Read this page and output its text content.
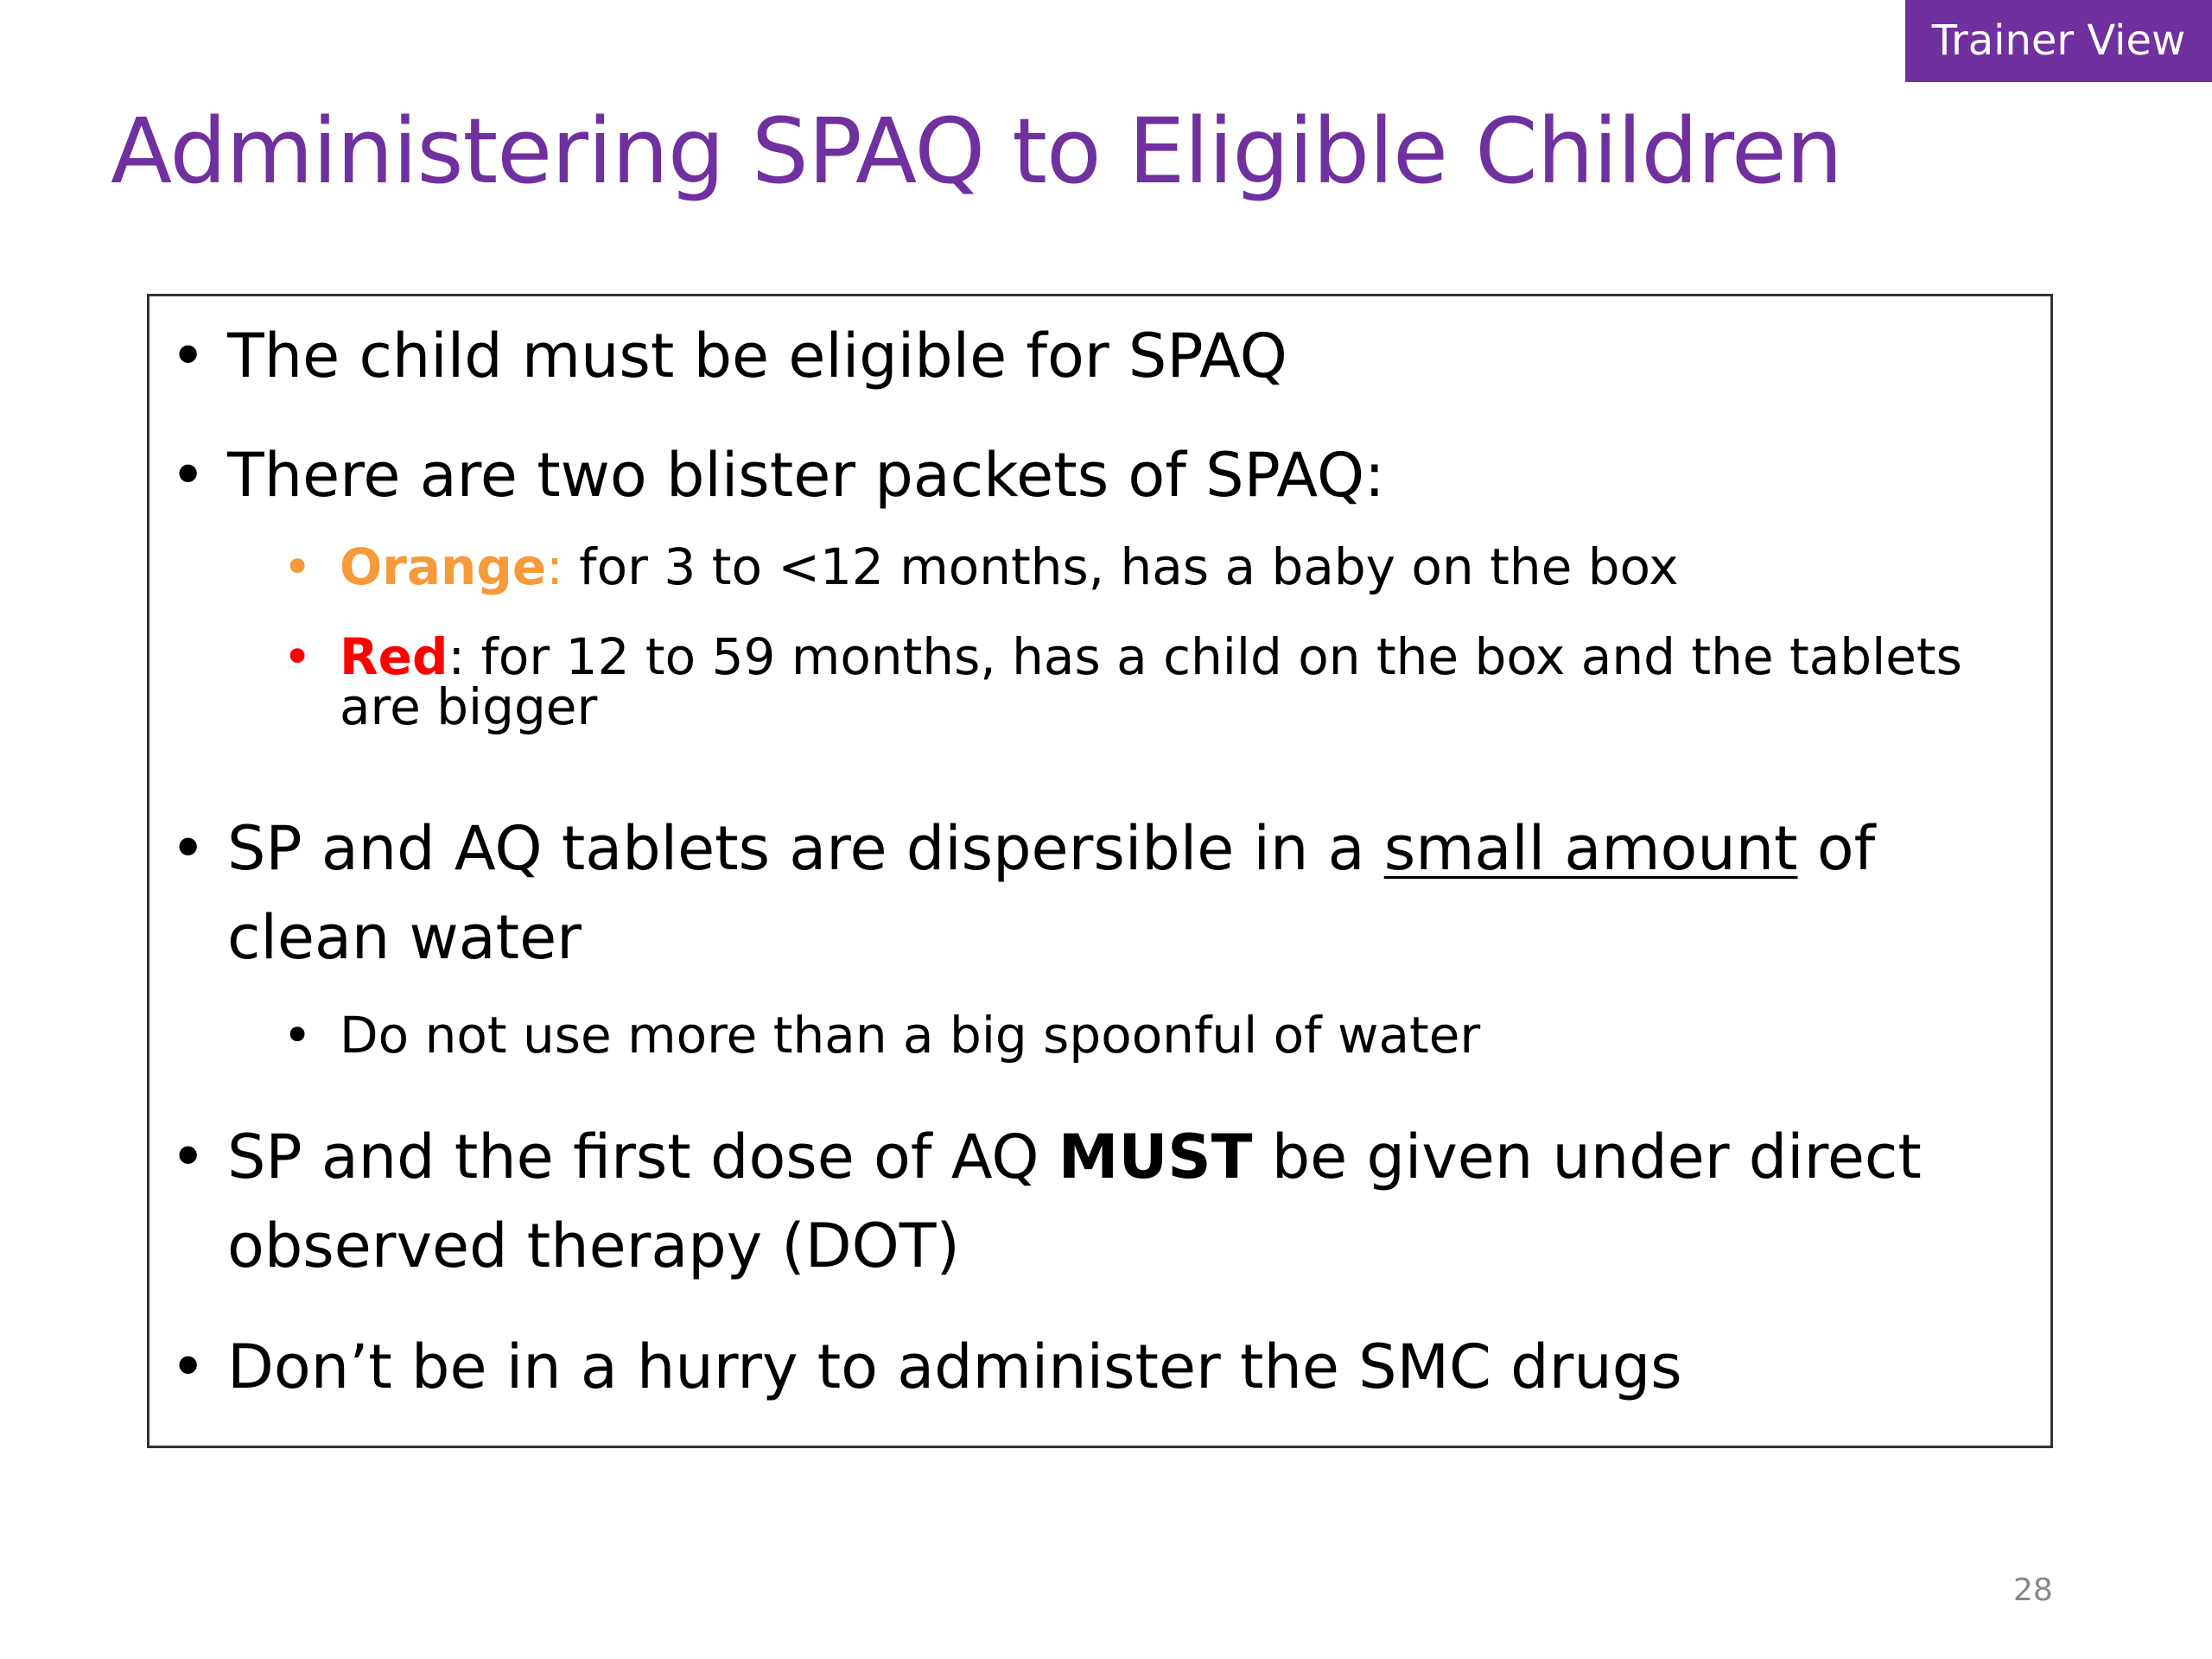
Trainer View
Administering SPAQ to Eligible Children
• The child must be eligible for SPAQ
• There are two blister packets of SPAQ:
• Orange: for 3 to <12 months, has a baby on the box
• Red: for 12 to 59 months, has a child on the box and the tablets are bigger
• SP and AQ tablets are dispersible in a small amount of clean water
• Do not use more than a big spoonful of water
• SP and the first dose of AQ MUST be given under direct observed therapy (DOT)
• Don’t be in a hurry to administer the SMC drugs
28
